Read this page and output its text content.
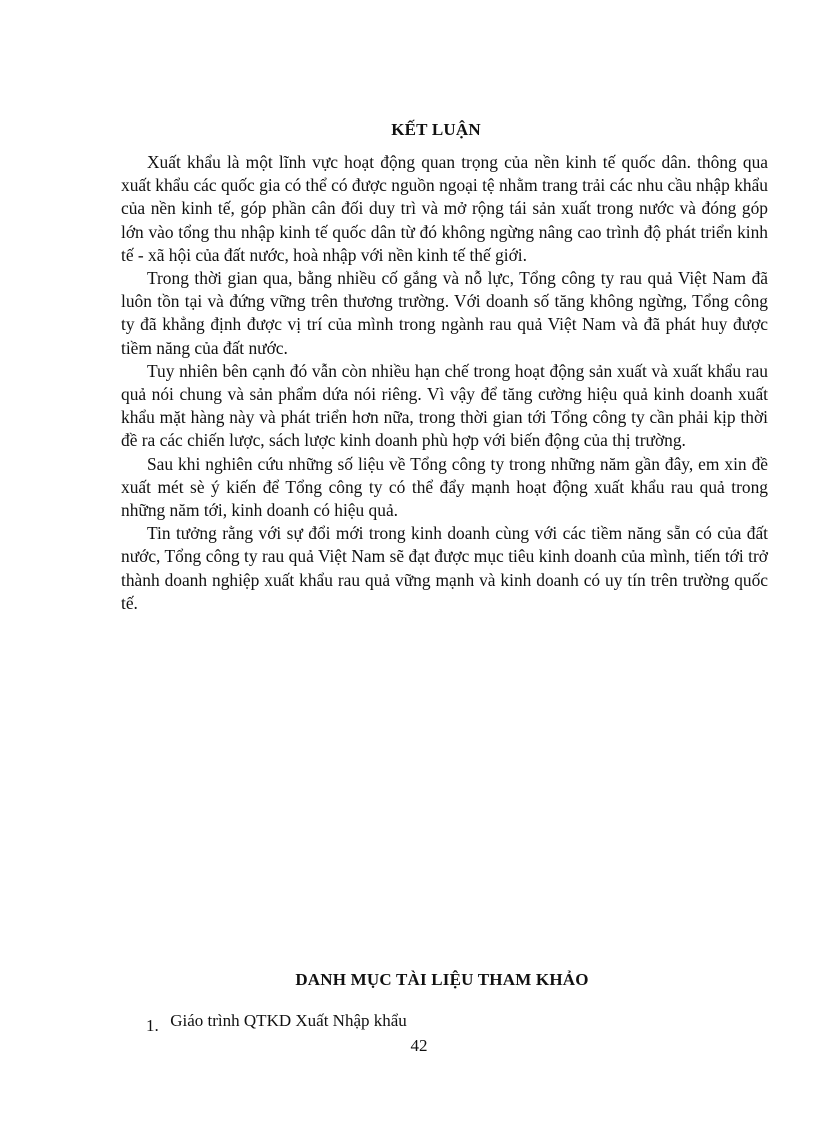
KẾT LUẬN

Xuất khẩu là một lĩnh vực hoạt động quan trọng của nền kinh tế quốc dân. thông qua xuất khẩu các quốc gia có thể có được nguồn ngoại tệ nhằm trang trải các nhu cầu nhập khẩu của nền kinh tế, góp phần cân đối duy trì và mở rộng tái sản xuất trong nước và đóng góp lớn vào tổng thu nhập kinh tế quốc dân từ đó không ngừng nâng cao trình độ phát triển kinh tế - xã hội của đất nước, hoà nhập với nền kinh tế thế giới.

Trong thời gian qua, bằng nhiều cố gắng và nỗ lực, Tổng công ty rau quả Việt Nam đã luôn tồn tại và đứng vững trên thương trường. Với doanh số tăng không ngừng, Tổng công ty đã khẳng định được vị trí của mình trong ngành rau quả Việt Nam và đã phát huy được tiềm năng của đất nước.

Tuy nhiên bên cạnh đó vẫn còn nhiều hạn chế trong hoạt động sản xuất và xuất khẩu rau quả nói chung và sản phẩm dứa nói riêng. Vì vậy để tăng cường hiệu quả kinh doanh xuất khẩu mặt hàng này và phát triển hơn nữa, trong thời gian tới Tổng công ty cần phải kịp thời đề ra các chiến lược, sách lược kinh doanh phù hợp với biến động của thị trường.

Sau khi nghiên cứu những số liệu về Tổng công ty trong những năm gần đây, em xin đề xuất mét sè ý kiến để Tổng công ty có thể đẩy mạnh hoạt động xuất khẩu rau quả trong những năm tới, kinh doanh có hiệu quả.

Tin tưởng rằng với sự đổi mới trong kinh doanh cùng với các tiềm năng sẵn có của đất nước, Tổng công ty rau quả Việt Nam sẽ đạt được mục tiêu kinh doanh của mình, tiến tới trở thành doanh nghiệp xuất khẩu rau quả vững mạnh và kinh doanh có uy tín trên trường quốc tế.

DANH MỤC TÀI LIỆU THAM KHẢO
1. Giáo trình QTKD Xuất Nhập khẩu
42
